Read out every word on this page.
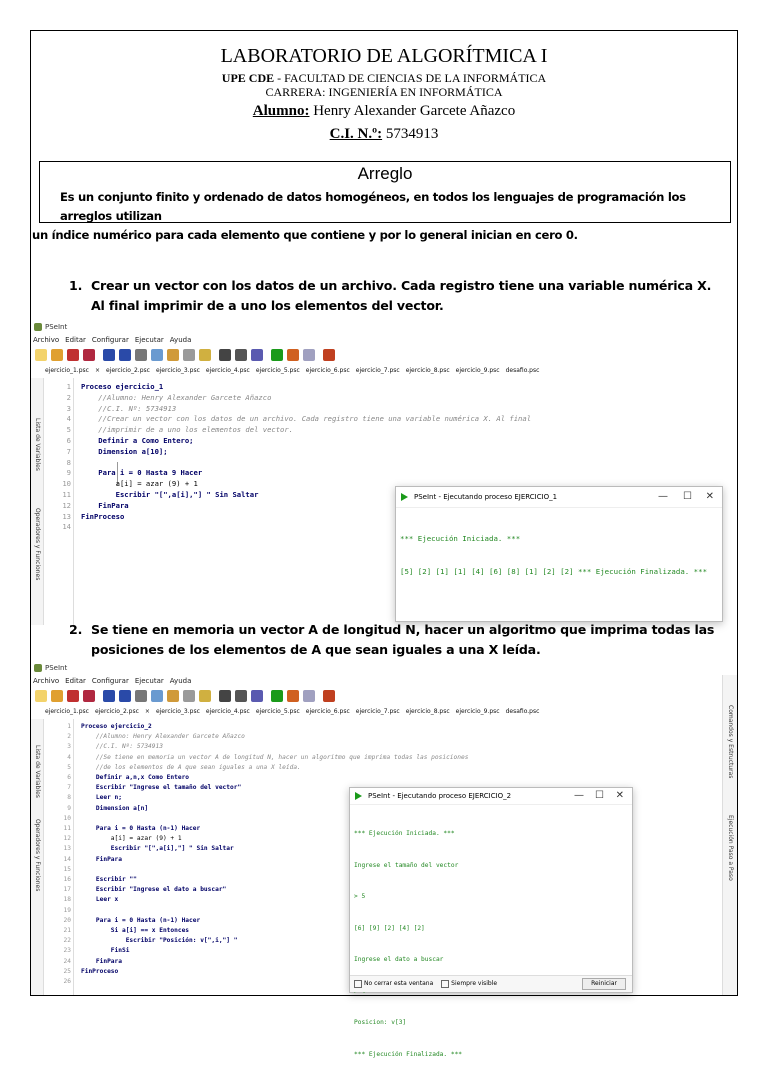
LABORATORIO DE ALGORÍTMICA I
UPE CDE - FACULTAD DE CIENCIAS DE LA INFORMÁTICA
CARRERA: INGENIERÍA EN INFORMÁTICA
Alumno: Henry Alexander Garcete Añazco
C.I. N.º: 5734913
Arreglo
Es un conjunto finito y ordenado de datos homogéneos, en todos los lenguajes de programación los arreglos utilizan
un índice numérico para cada elemento que contiene y por lo general inician en cero 0.
1. Crear un vector con los datos de un archivo. Cada registro tiene una variable numérica X. Al final imprimir de a uno los elementos del vector.
PSeInt
Archivo Editar Configurar Ejecutar Ayuda
ejercicio_1.psc × ejercicio_2.psc ejercicio_3.psc ejercicio_4.psc ejercicio_5.psc ejercicio_6.psc ejercicio_7.psc ejercicio_8.psc ejercicio_9.psc desafio.psc
Lista de Variables
Operadores y Funciones
1 Proceso ejercicio_1
2 //Alumno: Henry Alexander Garcete Añazco
3 //C.I. Nº: 5734913
4 //Crear un vector con los datos de un archivo. Cada registro tiene una variable numérica X. Al final
5 //imprimir de a uno los elementos del vector.
6 Definir a Como Entero;
7 Dimension a[10];
8
9 Para i = 0 Hasta 9 Hacer
10 a[i] = azar (9) + 1
11 Escribir "[",a[i],"] " Sin Saltar
12 FinPara
13 FinProceso
14
PSeInt - Ejecutando proceso EJERCICIO_1	— ☐ ✕

*** Ejecución Iniciada. ***

[5] [2] [1] [1] [4] [6] [8] [1] [2] [2] *** Ejecución Finalizada. ***

2. Se tiene en memoria un vector A de longitud N, hacer un algoritmo que imprima todas las posiciones de los elementos de A que sean iguales a una X leída.
PSeInt
Archivo Editar Configurar Ejecutar Ayuda
ejercicio_1.psc ejercicio_2.psc × ejercicio_3.psc ejercicio_4.psc ejercicio_5.psc ejercicio_6.psc ejercicio_7.psc ejercicio_8.psc ejercicio_9.psc desafio.psc	Comandos y Estructuras
Ejecución Paso a Paso
Lista de Variables
Operadores y Funciones
1 Proceso ejercicio_2
2 //Alumno: Henry Alexander Garcete Añazco
3 //C.I. Nº: 5734913
4 //Se tiene en memoria un vector A de longitud N, hacer un algoritmo que imprima todas las posiciones
5 //de los elementos de A que sean iguales a una X leída.
6 Definir a,n,x Como Entero
7 Escribir "Ingrese el tamaño del vector"
8 Leer n;
9 Dimension a[n]
10
11 Para i = 0 Hasta (n-1) Hacer
12 a[i] = azar (9) + 1
13 Escribir "[",a[i],"] " Sin Saltar
14 FinPara
15
16 Escribir ""
17 Escribir "Ingrese el dato a buscar"
18 Leer x
19
20 Para i = 0 Hasta (n-1) Hacer
21 Si a[i] == x Entonces
22 Escribir "Posición: v[",i,"] "
23 FinSi
24 FinPara
25 FinProceso
26
PSeInt - Ejecutando proceso EJERCICIO_2	— ☐ ✕

*** Ejecución Iniciada. ***

Ingrese el tamaño del vector

> 5

[6] [9] [2] [4] [2]

Ingrese el dato a buscar

Posicion: v[3]

*** Ejecución Finalizada. ***

No cerrar esta ventana	Siempre visible	Reiniciar
